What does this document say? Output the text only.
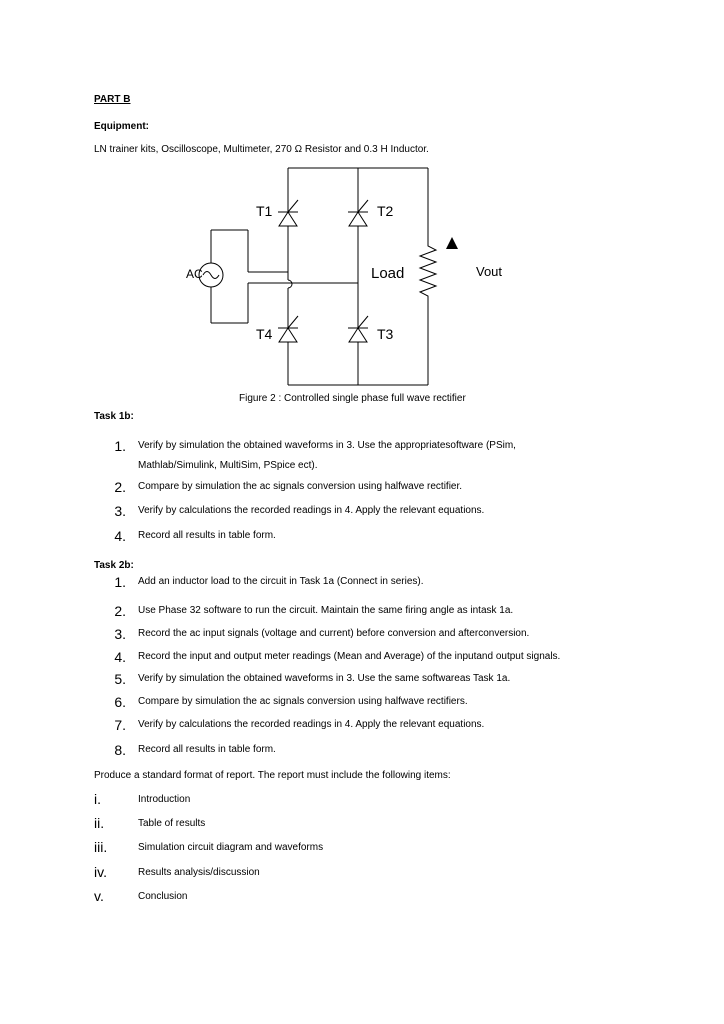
PART B
Equipment:
LN trainer kits, Oscilloscope, Multimeter, 270 Ω Resistor and 0.3 H Inductor.
T1	T2
T4	T3
AC	Load	Vout
Figure 2 : Controlled single phase full wave rectifier
Task 1b:
1. Verify by simulation the obtained waveforms in 3. Use the appropriatesoftware (PSim,
Mathlab/Simulink, MultiSim, PSpice ect).
2. Compare by simulation the ac signals conversion using halfwave rectifier.
3. Verify by calculations the recorded readings in 4. Apply the relevant equations.
4. Record all results in table form.
Task 2b:
1. Add an inductor load to the circuit in Task 1a (Connect in series).
2. Use Phase 32 software to run the circuit. Maintain the same firing angle as intask 1a.
3. Record the ac input signals (voltage and current) before conversion and afterconversion.
4. Record the input and output meter readings (Mean and Average) of the inputand output signals.
5. Verify by simulation the obtained waveforms in 3. Use the same softwareas Task 1a.
6. Compare by simulation the ac signals conversion using halfwave rectifiers.
7. Verify by calculations the recorded readings in 4. Apply the relevant equations.
8. Record all results in table form.
Produce a standard format of report. The report must include the following items:
i.	Introduction
ii.	Table of results
iii.	Simulation circuit diagram and waveforms
iv.	Results analysis/discussion
v.	Conclusion
